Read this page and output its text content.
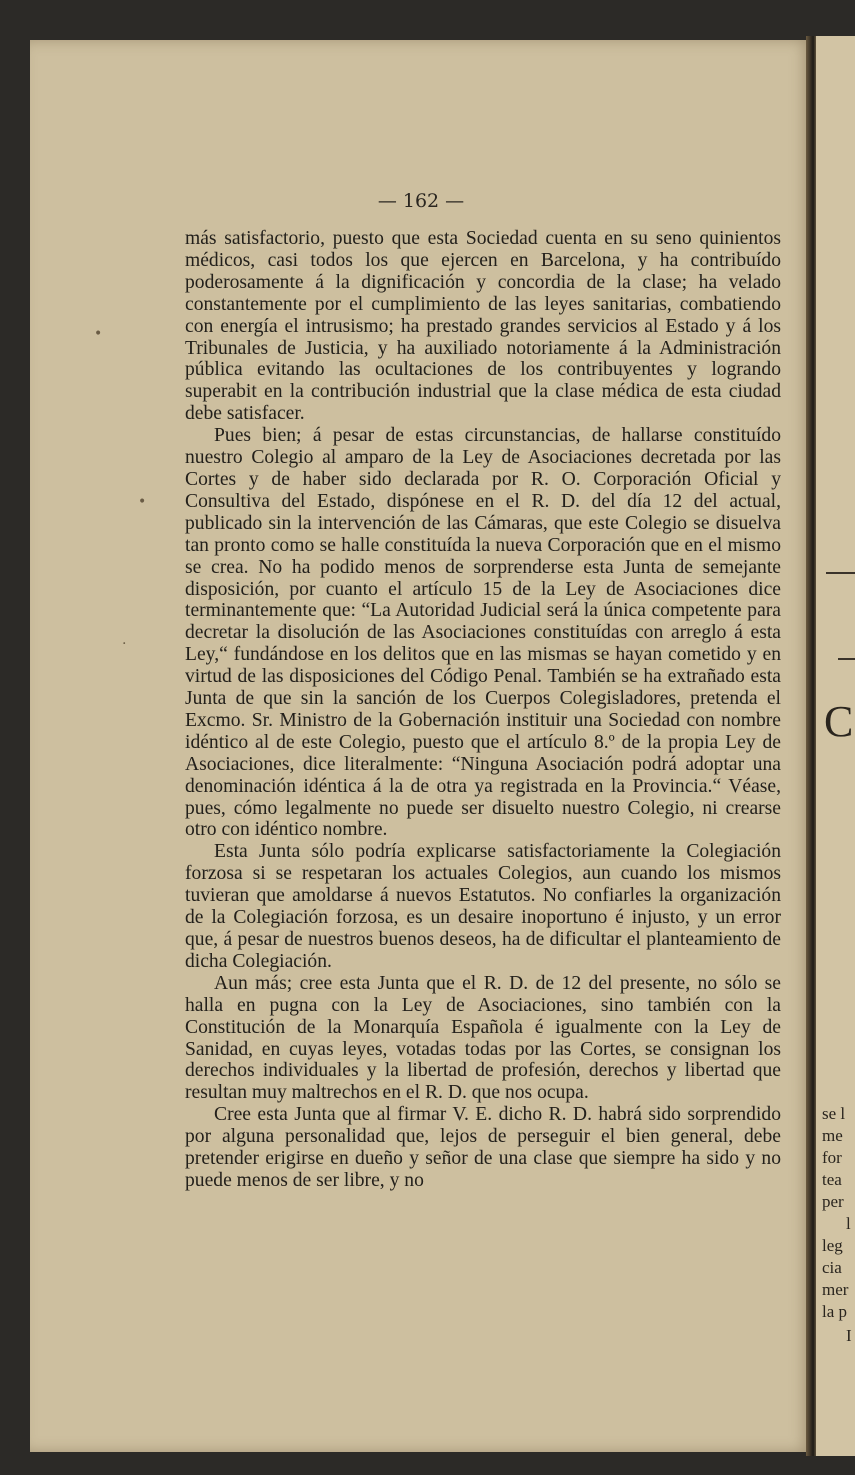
— 162 —

más satisfactorio, puesto que esta Sociedad cuenta en su seno quinientos médicos, casi todos los que ejercen en Barcelona, y ha contribuído poderosamente á la dignificación y concordia de la clase; ha velado constantemente por el cumplimiento de las leyes sanitarias, combatiendo con energía el intrusismo; ha prestado grandes servicios al Estado y á los Tribunales de Justicia, y ha auxiliado notoriamente á la Administración pública evitando las ocultaciones de los contribuyentes y logrando superabit en la contribución industrial que la clase médica de esta ciudad debe satisfacer.

Pues bien; á pesar de estas circunstancias, de hallarse constituído nuestro Colegio al amparo de la Ley de Asociaciones decretada por las Cortes y de haber sido declarada por R. O. Corporación Oficial y Consultiva del Estado, dispónese en el R. D. del día 12 del actual, publicado sin la intervención de las Cámaras, que este Colegio se disuelva tan pronto como se halle constituída la nueva Corporación que en el mismo se crea. No ha podido menos de sorprenderse esta Junta de semejante disposición, por cuanto el artículo 15 de la Ley de Asociaciones dice terminantemente que: “La Autoridad Judicial será la única competente para decretar la disolución de las Asociaciones constituídas con arreglo á esta Ley,“ fundándose en los delitos que en las mismas se hayan cometido y en virtud de las disposiciones del Código Penal. También se ha extrañado esta Junta de que sin la sanción de los Cuerpos Colegisladores, pretenda el Excmo. Sr. Ministro de la Gobernación instituir una Sociedad con nombre idéntico al de este Colegio, puesto que el artículo 8.º de la propia Ley de Asociaciones, dice literalmente: “Ninguna Asociación podrá adoptar una denominación idéntica á la de otra ya registrada en la Provincia.“ Véase, pues, cómo legalmente no puede ser disuelto nuestro Colegio, ni crearse otro con idéntico nombre.

Esta Junta sólo podría explicarse satisfactoriamente la Colegiación forzosa si se respetaran los actuales Colegios, aun cuando los mismos tuvieran que amoldarse á nuevos Estatutos. No confiarles la organización de la Colegiación forzosa, es un desaire inoportuno é injusto, y un error que, á pesar de nuestros buenos deseos, ha de dificultar el planteamiento de dicha Colegiación.

Aun más; cree esta Junta que el R. D. de 12 del presente, no sólo se halla en pugna con la Ley de Asociaciones, sino también con la Constitución de la Monarquía Española é igualmente con la Ley de Sanidad, en cuyas leyes, votadas todas por las Cortes, se consignan los derechos individuales y la libertad de profesión, derechos y libertad que resultan muy maltrechos en el R. D. que nos ocupa.

Cree esta Junta que al firmar V. E. dicho R. D. habrá sido sorprendido por alguna personalidad que, lejos de perseguir el bien general, debe pretender erigirse en dueño y señor de una clase que siempre ha sido y no puede menos de ser libre, y no

•
•
.
C
se l
me
for
tea
per
l
leg
cia
mer
la p
I
